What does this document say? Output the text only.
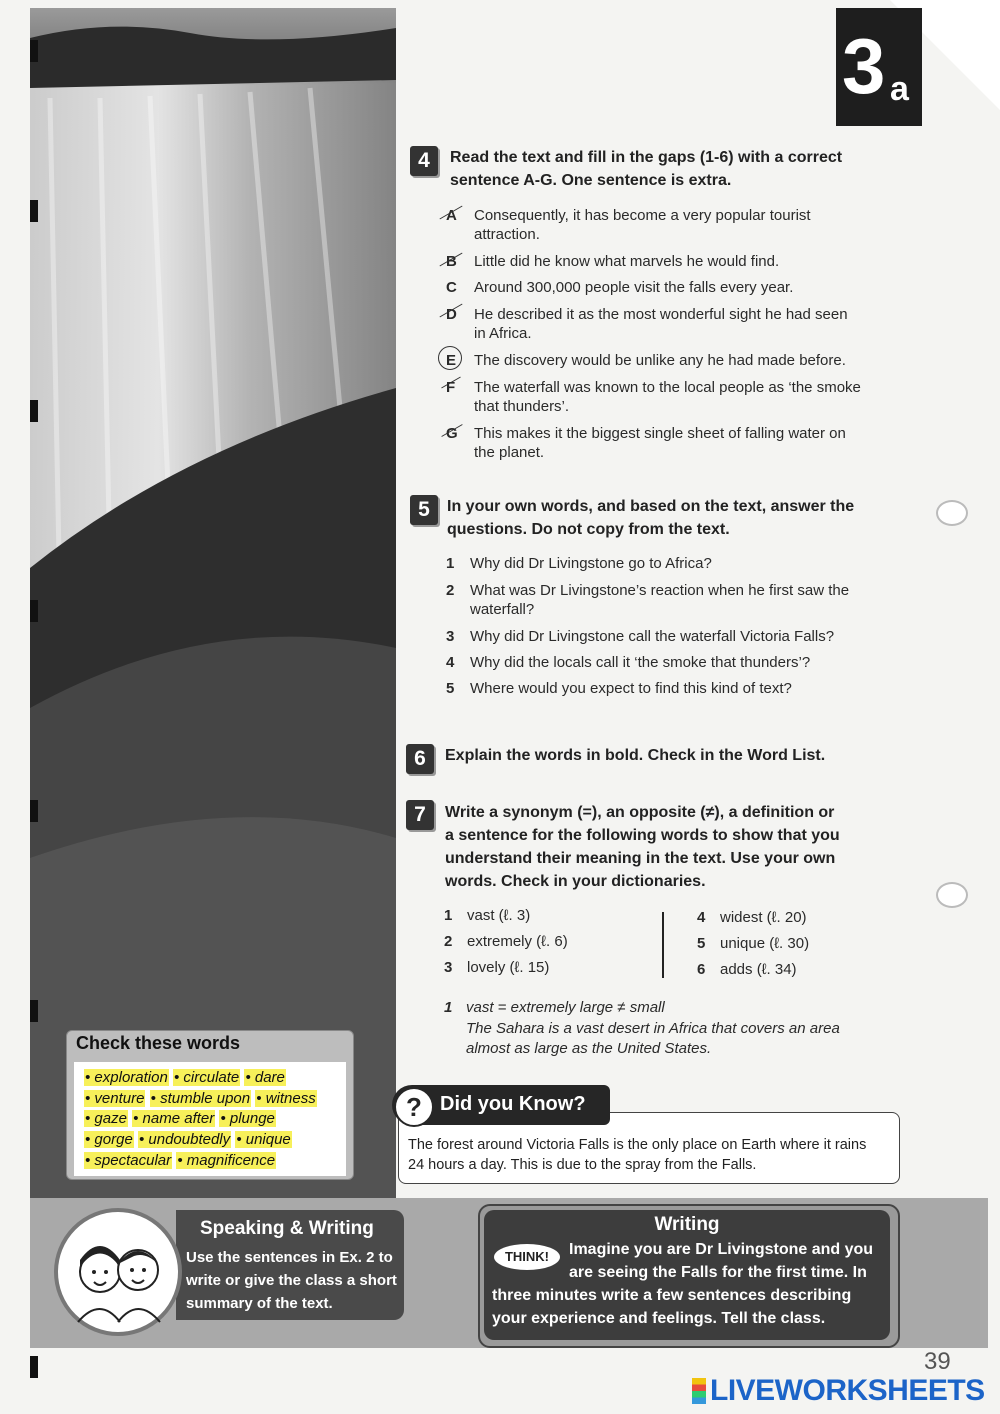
3 a
4	Read the text and fill in the gaps (1-6) with a correct
sentence A-G. One sentence is extra.
A	Consequently, it has become a very popular tourist
attraction.
B	Little did he know what marvels he would find.
C	Around 300,000 people visit the falls every year.
D	He described it as the most wonderful sight he had seen
in Africa.
E	The discovery would be unlike any he had made before.
F	The waterfall was known to the local people as ‘the smoke
that thunders’.
G	This makes it the biggest single sheet of falling water on
the planet.
5	In your own words, and based on the text, answer the
questions. Do not copy from the text.
1	Why did Dr Livingstone go to Africa?
2	What was Dr Livingstone’s reaction when he first saw the
waterfall?
3	Why did Dr Livingstone call the waterfall Victoria Falls?
4	Why did the locals call it ‘the smoke that thunders’?
5	Where would you expect to find this kind of text?
6	Explain the words in bold. Check in the Word List.
7	Write a synonym (=), an opposite (≠), a definition or
a sentence for the following words to show that you
understand their meaning in the text. Use your own
words. Check in your dictionaries.
1 vast (ℓ. 3)
2 extremely (ℓ. 6)
3 lovely (ℓ. 15)
4 widest (ℓ. 20)
5 unique (ℓ. 30)
6 adds (ℓ. 34)
1 vast = extremely large ≠ small
The Sahara is a vast desert in Africa that covers an area
almost as large as the United States.
Check these words
• exploration • circulate • dare
• venture • stumble upon • witness
• gaze • name after • plunge
• gorge • undoubtedly • unique
• spectacular • magnificence
? Did you Know?
The forest around Victoria Falls is the only place on Earth where it rains
24 hours a day. This is due to the spray from the Falls.
Speaking & Writing
Use the sentences in Ex. 2 to
write or give the class a short
summary of the text.
Writing
THINK!	Imagine you are Dr Livingstone and you
are seeing the Falls for the first time. In
three minutes write a few sentences describing
your experience and feelings. Tell the class.
39
LIVEWORKSHEETS
